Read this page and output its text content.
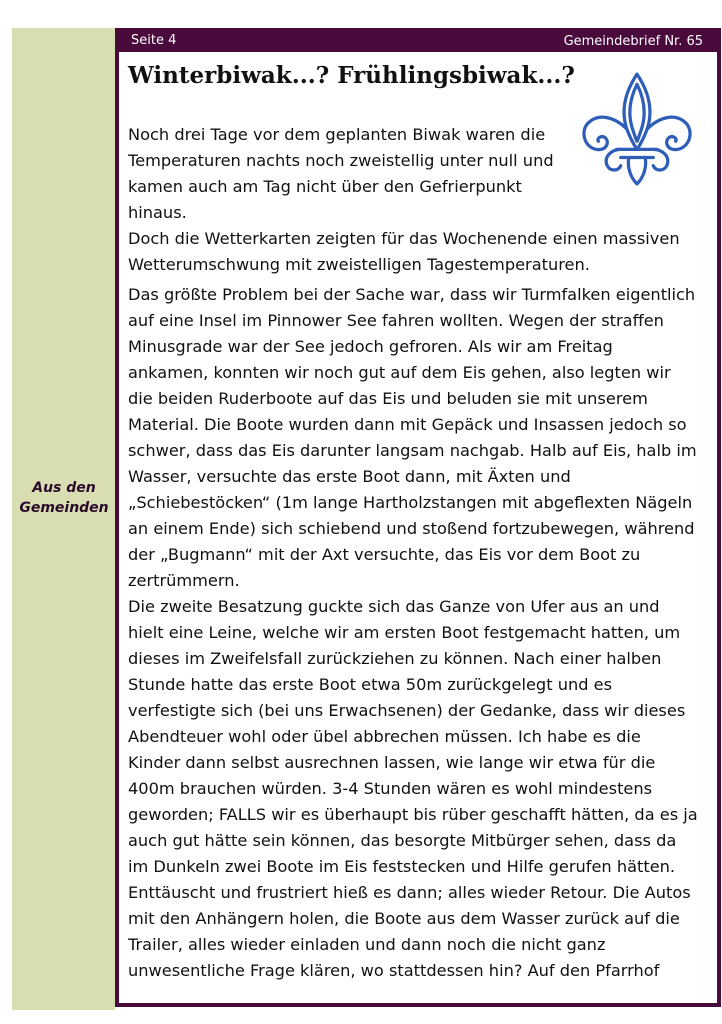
Aus den
Gemeinden
Seite 4	Gemeindebrief Nr. 65
Winterbiwak...? Frühlingsbiwak...?

Noch drei Tage vor dem geplanten Biwak waren die Temperaturen nachts noch zweistellig unter null und kamen auch am Tag nicht über den Gefrierpunkt hinaus.

Doch die Wetterkarten zeigten für das Wochenende einen massiven Wetterumschwung mit zweistelligen Tagestemperaturen.

Das größte Problem bei der Sache war, dass wir Turmfalken eigentlich auf eine Insel im Pinnower See fahren wollten. Wegen der straffen Minusgrade war der See jedoch gefroren. Als wir am Freitag ankamen, konnten wir noch gut auf dem Eis gehen, also legten wir die beiden Ruderboote auf das Eis und beluden sie mit unserem Material. Die Boote wurden dann mit Gepäck und Insassen jedoch so schwer, dass das Eis darunter langsam nachgab. Halb auf Eis, halb im Wasser, versuchte das erste Boot dann, mit Äxten und „Schiebestöcken“ (1m lange Hartholzstangen mit abgeflexten Nägeln an einem Ende) sich schiebend und stoßend fortzubewegen, während der „Bugmann“ mit der Axt versuchte, das Eis vor dem Boot zu zertrümmern.

Die zweite Besatzung guckte sich das Ganze von Ufer aus an und hielt eine Leine, welche wir am ersten Boot festgemacht hatten, um dieses im Zweifelsfall zurückziehen zu können. Nach einer halben Stunde hatte das erste Boot etwa 50m zurückgelegt und es verfestigte sich (bei uns Erwachsenen) der Gedanke, dass wir dieses Abendteuer wohl oder übel abbrechen müssen. Ich habe es die Kinder dann selbst ausrechnen lassen, wie lange wir etwa für die 400m brauchen würden. 3-4 Stunden wären es wohl mindestens geworden; FALLS wir es überhaupt bis rüber geschafft hätten, da es ja auch gut hätte sein können, das besorgte Mitbürger sehen, dass da im Dunkeln zwei Boote im Eis feststecken und Hilfe gerufen hätten.

Enttäuscht und frustriert hieß es dann; alles wieder Retour. Die Autos mit den Anhängern holen, die Boote aus dem Wasser zurück auf die Trailer, alles wieder einladen und dann noch die nicht ganz unwesentliche Frage klären, wo stattdessen hin? Auf den Pfarrhof
